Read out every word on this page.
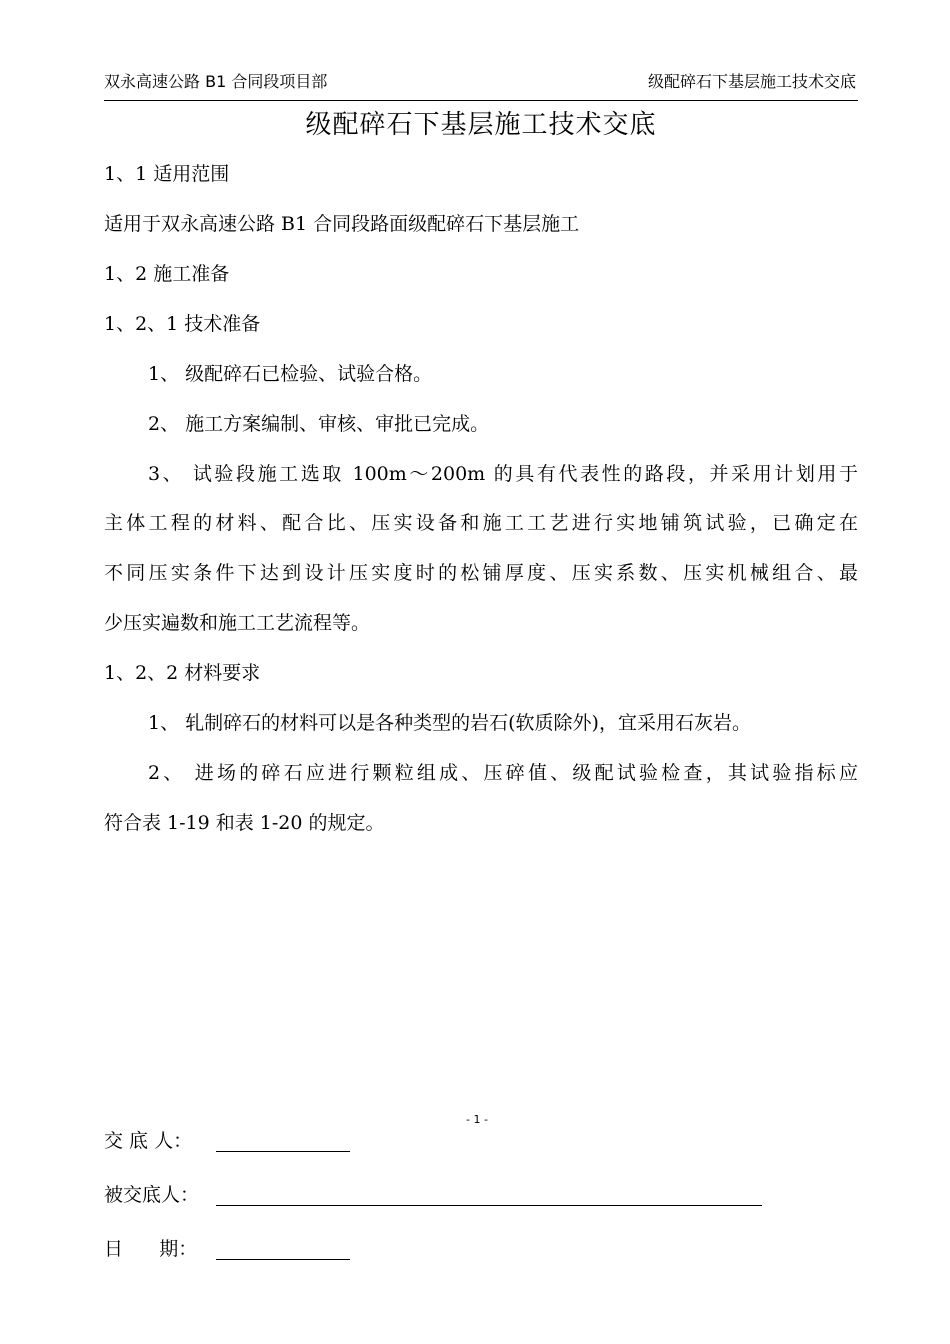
双永高速公路 B1 合同段项目部	级配碎石下基层施工技术交底
级配碎石下基层施工技术交底
1、1 适用范围
适用于双永高速公路 B1 合同段路面级配碎石下基层施工
1、2 施工准备
1、2、1 技术准备
1、 级配碎石已检验、试验合格。
2、 施工方案编制、审核、审批已完成。
3、 试验段施工选取 100m～200m 的具有代表性的路段，并采用计划用于
主体工程的材料、配合比、压实设备和施工工艺进行实地铺筑试验，已确定在
不同压实条件下达到设计压实度时的松铺厚度、压实系数、压实机械组合、最
少压实遍数和施工工艺流程等。
1、2、2 材料要求
1、 轧制碎石的材料可以是各种类型的岩石(软质除外)，宜采用石灰岩。
2、 进场的碎石应进行颗粒组成、压碎值、级配试验检查，其试验指标应
符合表 1-19 和表 1-20 的规定。
- 1 -
交 底 人：
被交底人：
日      期：
